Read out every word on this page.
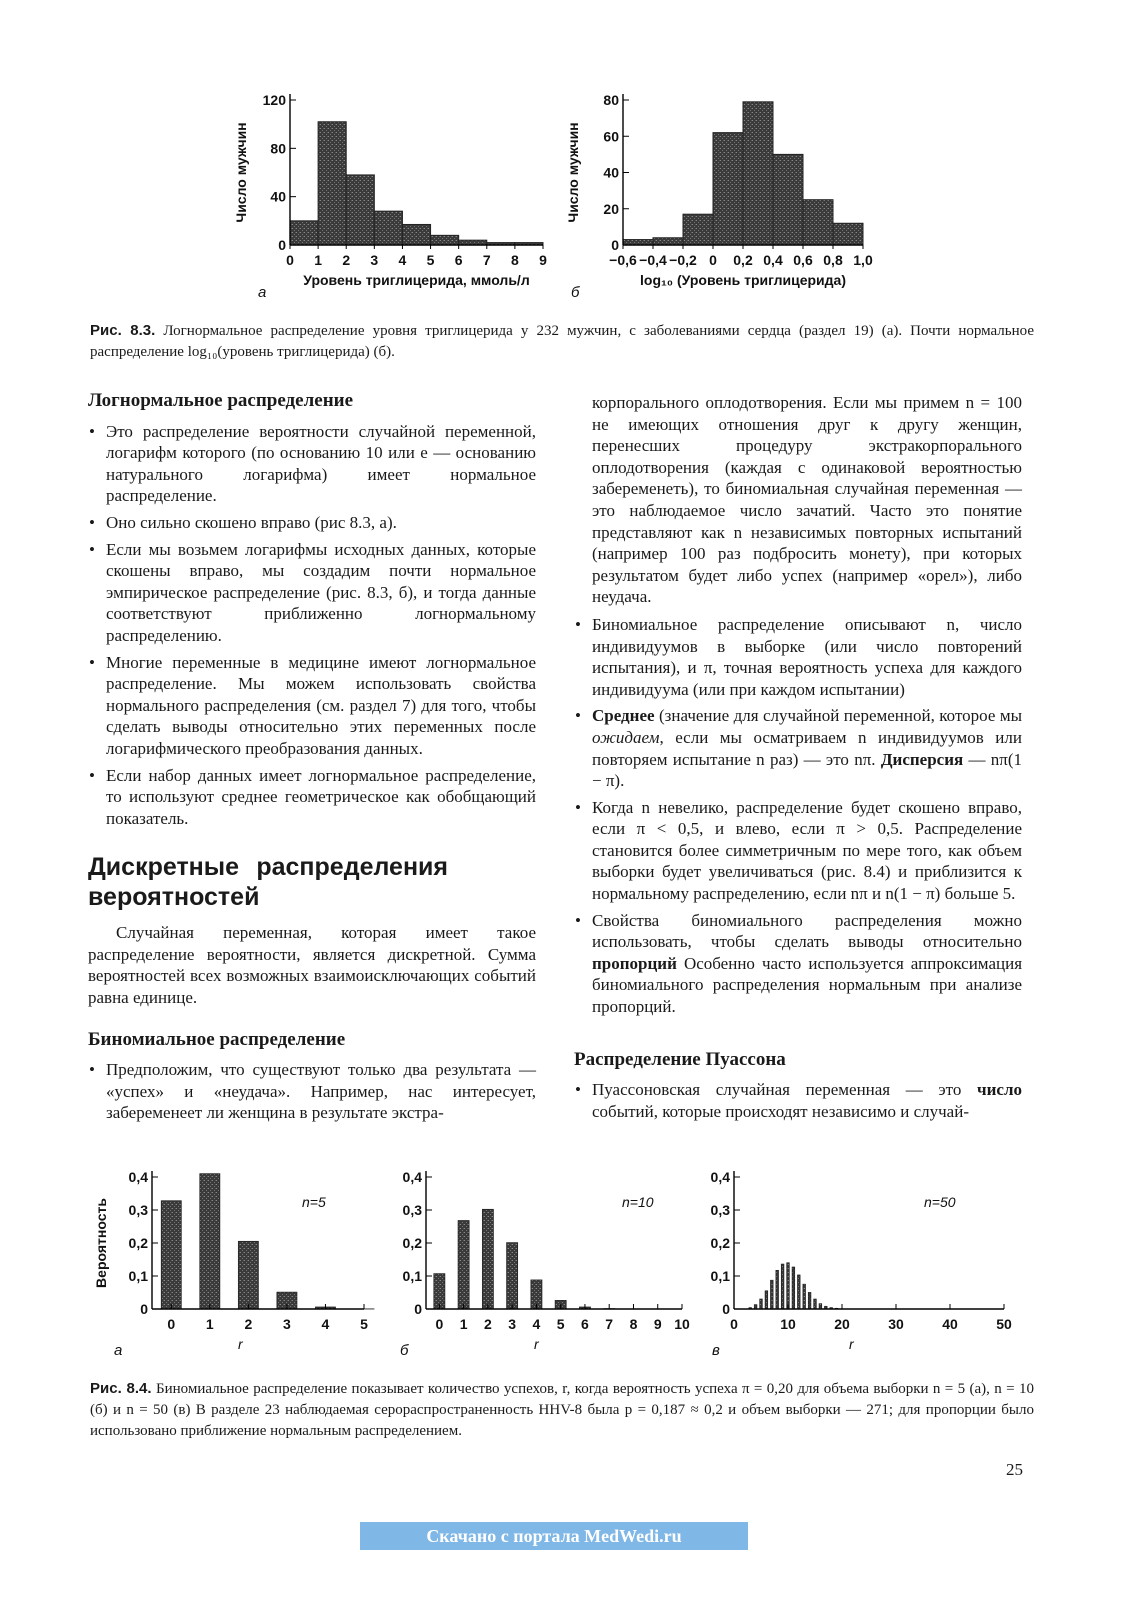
0
40
80
120
0 1 2 3 4 5 6 7 8 9
Уровень триглицерида, ммоль/л
Число мужчин
а
0
20
40
60
80
−0,6 −0,4 −0,2 0 0,2 0,4 0,6 0,8 1,0
log₁₀ (Уровень триглицерида)
Число мужчин
б
Рис. 8.3. Логнормальное распределение уровня триглицерида у 232 мужчин, с заболеваниями сердца (раздел 19) (а). Почти нормальное распределение log₁₀(уровень триглицерида) (б).
Логнормальное распределение
• Это распределение вероятности случайной переменной, логарифм которого (по основанию 10 или e — основанию натурального логарифма) имеет нормальное распределение.
• Оно сильно скошено вправо (рис 8.3, а).
• Если мы возьмем логарифмы исходных данных, которые скошены вправо, мы создадим почти нормальное эмпирическое распределение (рис. 8.3, б), и тогда данные соответствуют приближенно логнормальному распределению.
• Многие переменные в медицине имеют логнормальное распределение. Мы можем использовать свойства нормального распределения (см. раздел 7) для того, чтобы сделать выводы относительно этих переменных после логарифмического преобразования данных.
• Если набор данных имеет логнормальное распределение, то используют среднее геометрическое как обобщающий показатель.
Дискретные распределения вероятностей

Случайная переменная, которая имеет такое распределение вероятности, является дискретной. Сумма вероятностей всех возможных взаимоисключающих событий равна единице.

Биномиальное распределение
• Предположим, что существуют только два результата — «успех» и «неудача». Например, нас интересует, забеременеет ли женщина в результате экстра-

корпорального оплодотворения. Если мы примем n = 100 не имеющих отношения друг к другу женщин, перенесших процедуру экстракорпорального оплодотворения (каждая с одинаковой вероятностью забеременеть), то биномиальная случайная переменная — это наблюдаемое число зачатий. Часто это понятие представляют как n независимых повторных испытаний (например 100 раз подбросить монету), при которых результатом будет либо успех (например «орел»), либо неудача.

• Биномиальное распределение описывают n, число индивидуумов в выборке (или число повторений испытания), и π, точная вероятность успеха для каждого индивидуума (или при каждом испытании)
• Среднее (значение для случайной переменной, которое мы ожидаем, если мы осматриваем n индивидуумов или повторяем испытание n раз) — это nπ. Дисперсия — nπ(1 − π).
• Когда n невелико, распределение будет скошено вправо, если π < 0,5, и влево, если π > 0,5. Распределение становится более симметричным по мере того, как объем выборки будет увеличиваться (рис. 8.4) и приблизится к нормальному распределению, если nπ и n(1 − π) больше 5.
• Свойства биномиального распределения можно использовать, чтобы сделать выводы относительно пропорций Особенно часто используется аппроксимация биномиального распределения нормальным при анализе пропорций.
Распределение Пуассона
• Пуассоновская случайная переменная — это число событий, которые происходят независимо и случай-
0
0,1
0,2
0,3
0,4
0 1 2 3 4 5
n=5
r
а
Вероятность
0
0,1
0,2
0,3
0,4
0 1 2 3 4 5 6 7 8 9 10
n=10
r
б
0
0,1
0,2
0,3
0,4
0	10	20	30	40	50
n=50
r
в
Рис. 8.4. Биномиальное распределение показывает количество успехов, r, когда вероятность успеха π = 0,20 для объема выборки n = 5 (а), n = 10 (б) и n = 50 (в) В разделе 23 наблюдаемая серораспространенность HHV-8 была p = 0,187 ≈ 0,2 и объем выборки — 271; для пропорции было использовано приближение нормальным распределением.
25
Скачано с портала MedWedi.ru
